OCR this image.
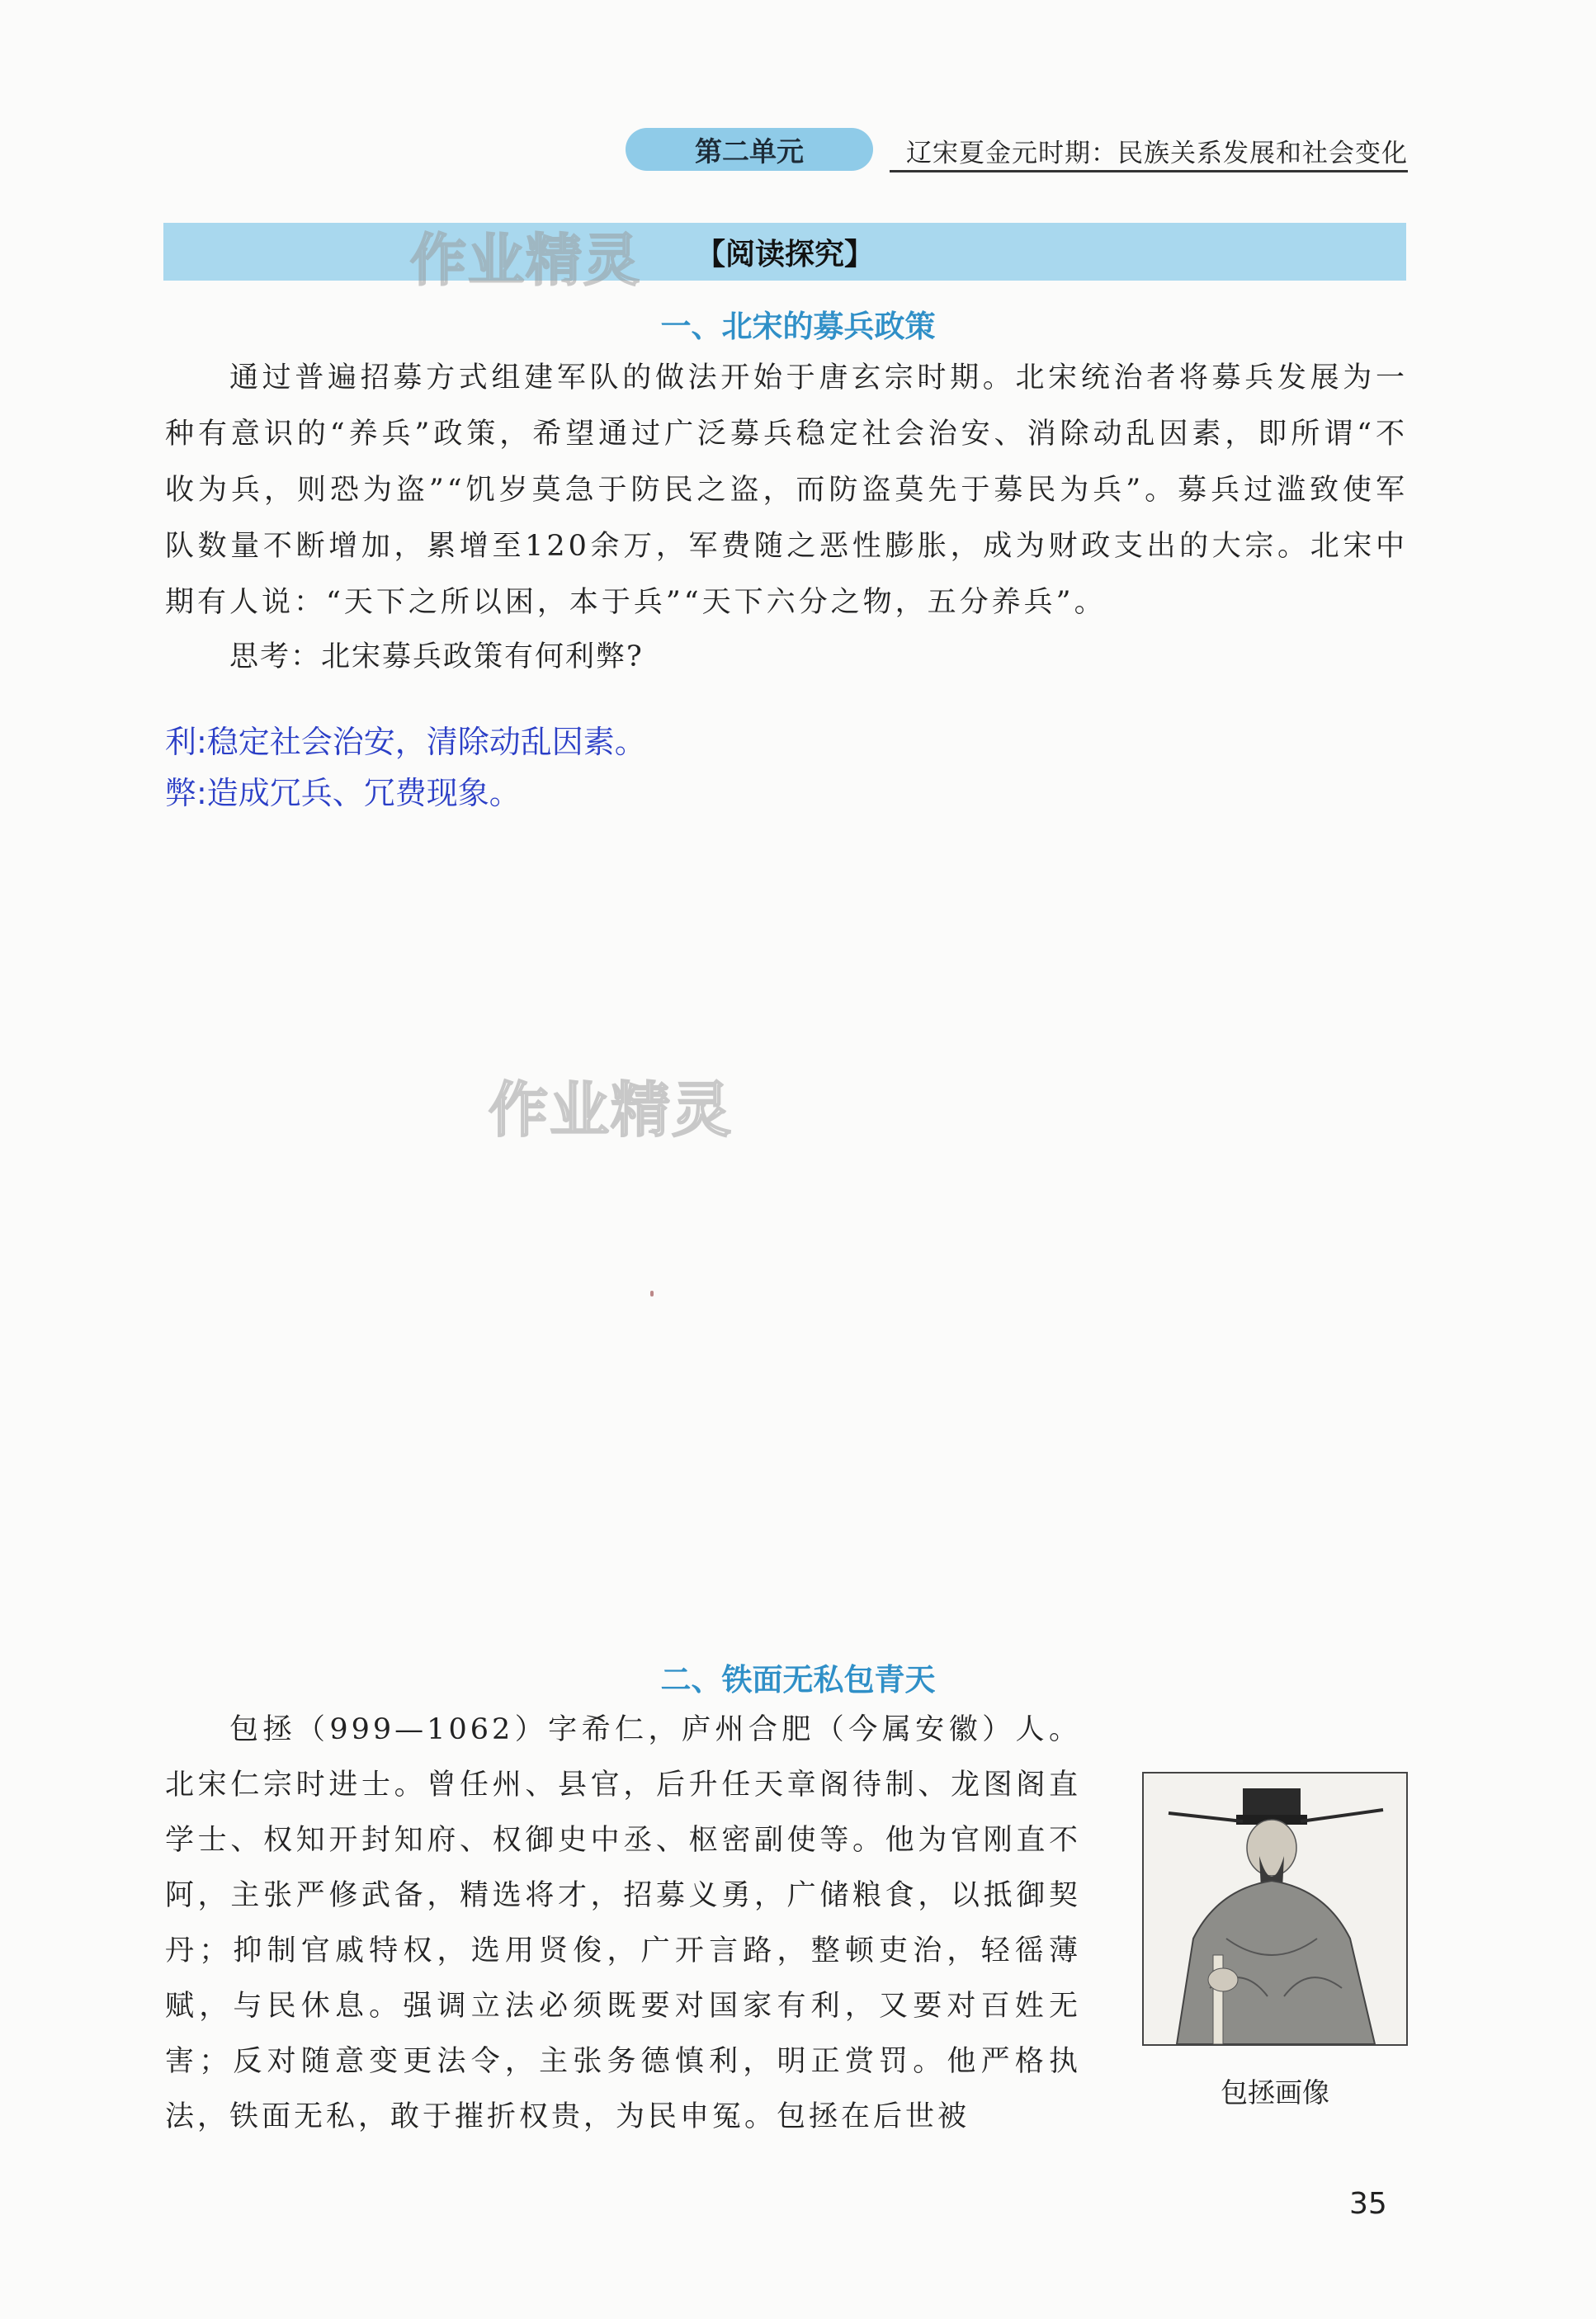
第二单元	辽宋夏金元时期：民族关系发展和社会变化
【阅读探究】
作业精灵
一、北宋的募兵政策

通过普遍招募方式组建军队的做法开始于唐玄宗时期。北宋统治者将募兵发展为一种有意识的“养兵”政策，希望通过广泛募兵稳定社会治安、消除动乱因素，即所谓“不收为兵，则恐为盗”“饥岁莫急于防民之盗，而防盗莫先于募民为兵”。募兵过滥致使军队数量不断增加，累增至120余万，军费随之恶性膨胀，成为财政支出的大宗。北宋中期有人说：“天下之所以困，本于兵”“天下六分之物，五分养兵”。

思考：北宋募兵政策有何利弊?
利:稳定社会治安，清除动乱因素。
弊:造成冗兵、冗费现象。
作业精灵
二、铁面无私包青天

包拯（999—1062）字希仁，庐州合肥（今属安徽）人。北宋仁宗时进士。曾任州、县官，后升任天章阁待制、龙图阁直学士、权知开封知府、权御史中丞、枢密副使等。他为官刚直不阿，主张严修武备，精选将才，招募义勇，广储粮食，以抵御契丹；抑制官戚特权，选用贤俊，广开言路，整顿吏治，轻徭薄赋，与民休息。强调立法必须既要对国家有利，又要对百姓无害；反对随意变更法令，主张务德慎利，明正赏罚。他严格执法，铁面无私，敢于摧折权贵，为民申冤。包拯在后世被

包拯画像
35
